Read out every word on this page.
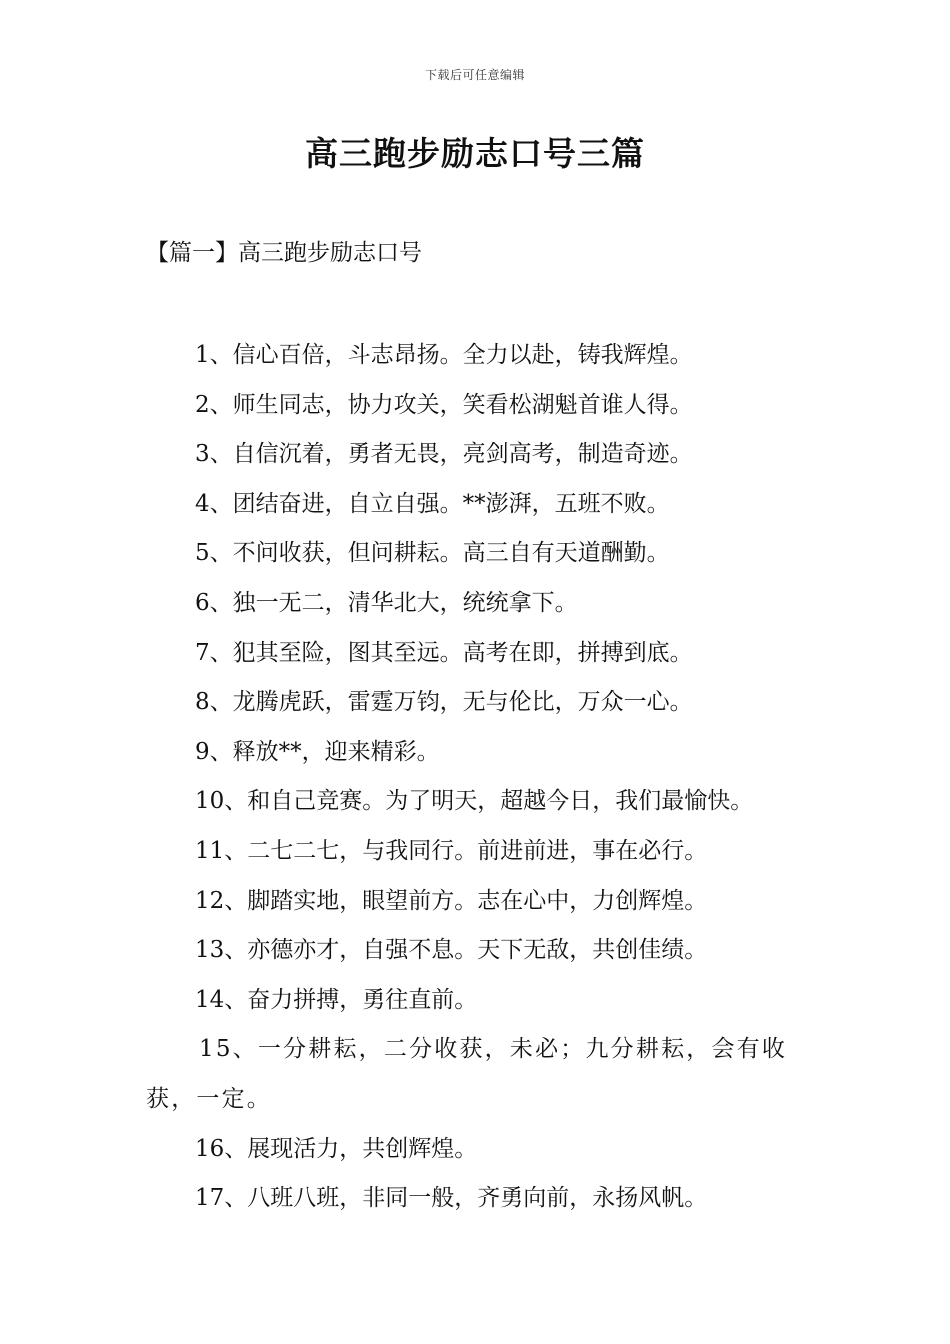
下载后可任意编辑
高三跑步励志口号三篇
【篇一】高三跑步励志口号
1、信心百倍，斗志昂扬。全力以赴，铸我辉煌。
2、师生同志，协力攻关，笑看松湖魁首谁人得。
3、自信沉着，勇者无畏，亮剑高考，制造奇迹。
4、团结奋进，自立自强。**澎湃，五班不败。
5、不问收获，但问耕耘。高三自有天道酬勤。
6、独一无二，清华北大，统统拿下。
7、犯其至险，图其至远。高考在即，拼搏到底。
8、龙腾虎跃，雷霆万钧，无与伦比，万众一心。
9、释放**，迎来精彩。
10、和自己竞赛。为了明天，超越今日，我们最愉快。
11、二七二七，与我同行。前进前进，事在必行。
12、脚踏实地，眼望前方。志在心中，力创辉煌。
13、亦德亦才，自强不息。天下无敌，共创佳绩。
14、奋力拼搏，勇往直前。
15、一分耕耘，二分收获，未必；九分耕耘，会有收获，一定。
16、展现活力，共创辉煌。
17、八班八班，非同一般，齐勇向前，永扬风帆。
